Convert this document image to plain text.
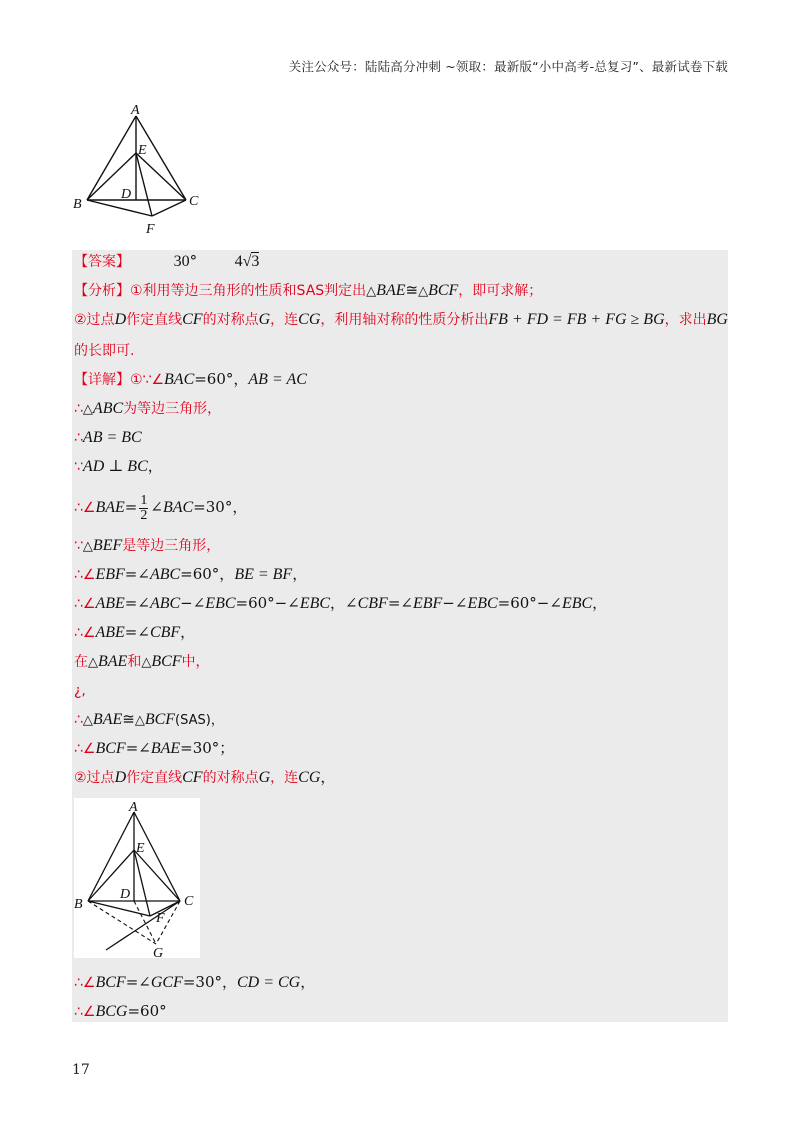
关注公众号：陆陆高分冲刺 ~领取：最新版“小中高考-总复习”、最新试卷下载
A
E
D
B	C
F
【答案】	30° 4√3
【分析】①利用等边三角形的性质和SAS判定出△BAE≅△BCF，即可求解；
②过点D作定直线CF的对称点G，连CG，利用轴对称的性质分析出FB + FD = FB + FG ≥ BG，求出BG
的长即可.
【详解】①∵∠BAC=60°，AB = AC
∴△ABC为等边三角形，
∴AB = BC
∵AD ⊥ BC，
∴∠BAE= $\frac{1}{2}$ ∠BAC=30°，
∵△BEF是等边三角形，
∴∠EBF=∠ABC=60°，BE = BF，
∴∠ABE=∠ABC−∠EBC=60°−∠EBC，∠CBF=∠EBF−∠EBC=60°−∠EBC，
∴∠ABE=∠CBF，
在△BAE和△BCF中，
¿,
∴△BAE≅△BCF(SAS)，
∴∠BCF=∠BAE=30°；
②过点D作定直线CF的对称点G，连CG，
A
E
D
B	C
F
G
∴∠BCF=∠GCF=30°，CD = CG，
∴∠BCG=60°
17
